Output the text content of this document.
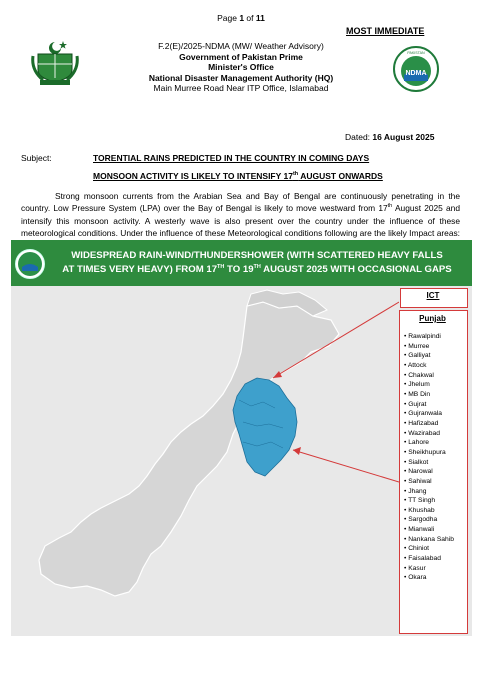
Page 1 of 11
MOST IMMEDIATE
F.2(E)/2025-NDMA (MW/ Weather Advisory)
Government of Pakistan Prime
Minister's Office
National Disaster Management Authority (HQ)
Main Murree Road Near ITP Office, Islamabad
NDMA
PAKISTAN
Dated: 16 August 2025
Subject:	TORENTIAL RAINS PREDICTED IN THE COUNTRY IN COMING DAYS
MONSOON ACTIVITY IS LIKELY TO INTENSIFY 17th AUGUST ONWARDS
Strong monsoon currents from the Arabian Sea and Bay of Bengal are continuously penetrating in the country. Low Pressure System (LPA) over the Bay of Bengal is likely to move westward from 17th August 2025 and intensify this monsoon activity. A westerly wave is also present over the country under the influence of these meteorological conditions. Under the influence of these Meteorological conditions following are the likely Impact areas:
WIDESPREAD RAIN-WIND/THUNDERSHOWER (WITH SCATTERED HEAVY FALLS
AT TIMES VERY HEAVY) FROM 17TH TO 19TH AUGUST 2025 WITH OCCASIONAL GAPS
ICT
Punjab
• Rawalpindi
• Murree
• Galliyat
• Attock
• Chakwal
• Jhelum
• MB Din
• Gujrat
• Gujranwala
• Hafizabad
• Wazirabad
• Lahore
• Sheikhupura
• Sialkot
• Narowal
• Sahiwal
• Jhang
• TT Singh
• Khushab
• Sargodha
• Mianwali
• Nankana Sahib
• Chiniot
• Faisalabad
• Kasur
• Okara
